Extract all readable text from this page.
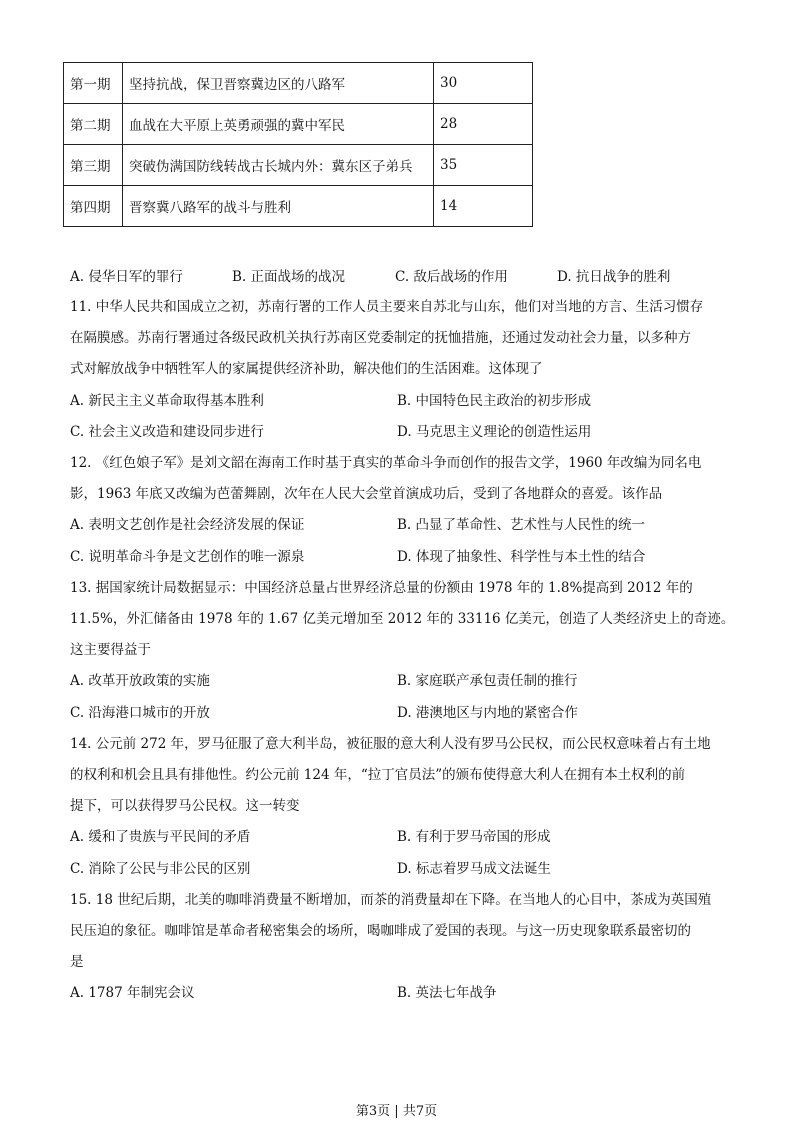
第一期	坚持抗战，保卫晋察冀边区的八路军	30
第二期	血战在大平原上英勇顽强的冀中军民	28
第三期	突破伪满国防线转战古长城内外：冀东区子弟兵	35
第四期	晋察冀八路军的战斗与胜利	14
A. 侵华日军的罪行	B. 正面战场的战况	C. 敌后战场的作用	D. 抗日战争的胜利
11. 中华人民共和国成立之初，苏南行署的工作人员主要来自苏北与山东，他们对当地的方言、生活习惯存
在隔膜感。苏南行署通过各级民政机关执行苏南区党委制定的抚恤措施，还通过发动社会力量，以多种方
式对解放战争中牺牲军人的家属提供经济补助，解决他们的生活困难。这体现了
A. 新民主主义革命取得基本胜利	B. 中国特色民主政治的初步形成
C. 社会主义改造和建设同步进行	D. 马克思主义理论的创造性运用
12. 《红色娘子军》是刘文韶在海南工作时基于真实的革命斗争而创作的报告文学，1960 年改编为同名电
影，1963 年底又改编为芭蕾舞剧，次年在人民大会堂首演成功后，受到了各地群众的喜爱。该作品
A. 表明文艺创作是社会经济发展的保证	B. 凸显了革命性、艺术性与人民性的统一
C. 说明革命斗争是文艺创作的唯一源泉	D. 体现了抽象性、科学性与本土性的结合
13. 据国家统计局数据显示：中国经济总量占世界经济总量的份额由 1978 年的 1.8%提高到 2012 年的
11.5%，外汇储备由 1978 年的 1.67 亿美元增加至 2012 年的 33116 亿美元，创造了人类经济史上的奇迹。
这主要得益于
A. 改革开放政策的实施	B. 家庭联产承包责任制的推行
C. 沿海港口城市的开放	D. 港澳地区与内地的紧密合作
14. 公元前 272 年，罗马征服了意大利半岛，被征服的意大利人没有罗马公民权，而公民权意味着占有土地
的权利和机会且具有排他性。约公元前 124 年，“拉丁官员法”的颁布使得意大利人在拥有本土权利的前
提下，可以获得罗马公民权。这一转变
A. 缓和了贵族与平民间的矛盾	B. 有利于罗马帝国的形成
C. 消除了公民与非公民的区别	D. 标志着罗马成文法诞生
15. 18 世纪后期，北美的咖啡消费量不断增加，而茶的消费量却在下降。在当地人的心目中，茶成为英国殖
民压迫的象征。咖啡馆是革命者秘密集会的场所，喝咖啡成了爱国的表现。与这一历史现象联系最密切的
是
A. 1787 年制宪会议	B. 英法七年战争
第3页 | 共7页
